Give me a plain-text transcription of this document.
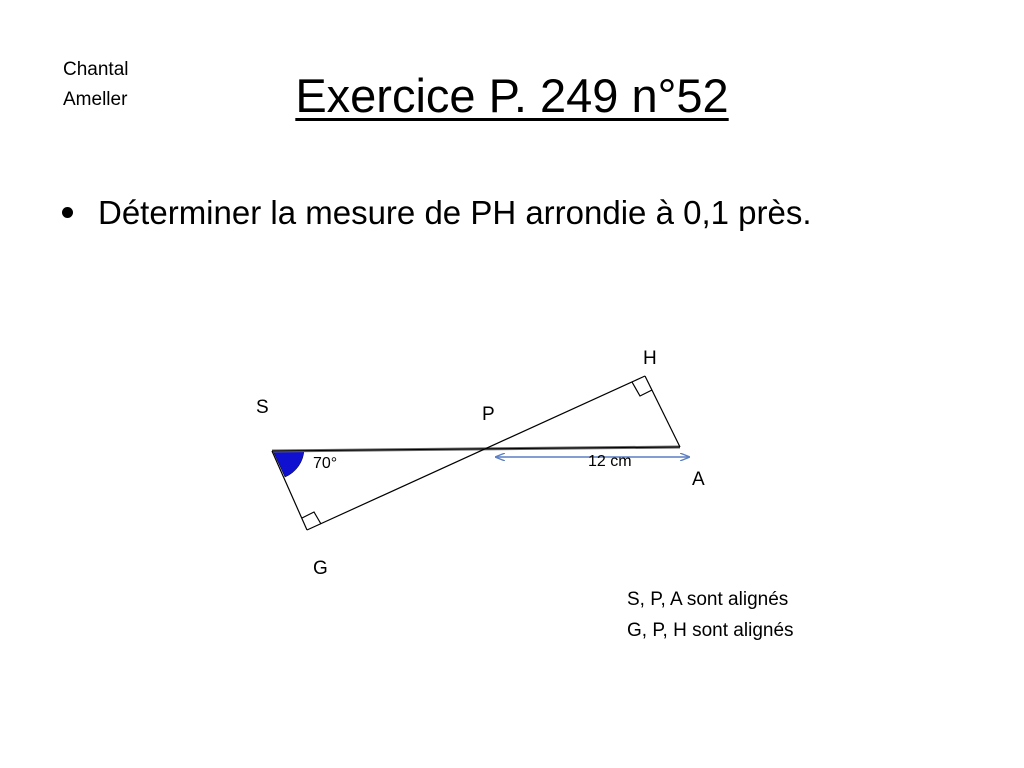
Chantal
Ameller	Exercice P. 249 n°52
Déterminer la mesure de PH arrondie à 0,1 près.
S	P
H
A
G
70°	12 cm
S, P, A sont alignés
G, P, H sont alignés
